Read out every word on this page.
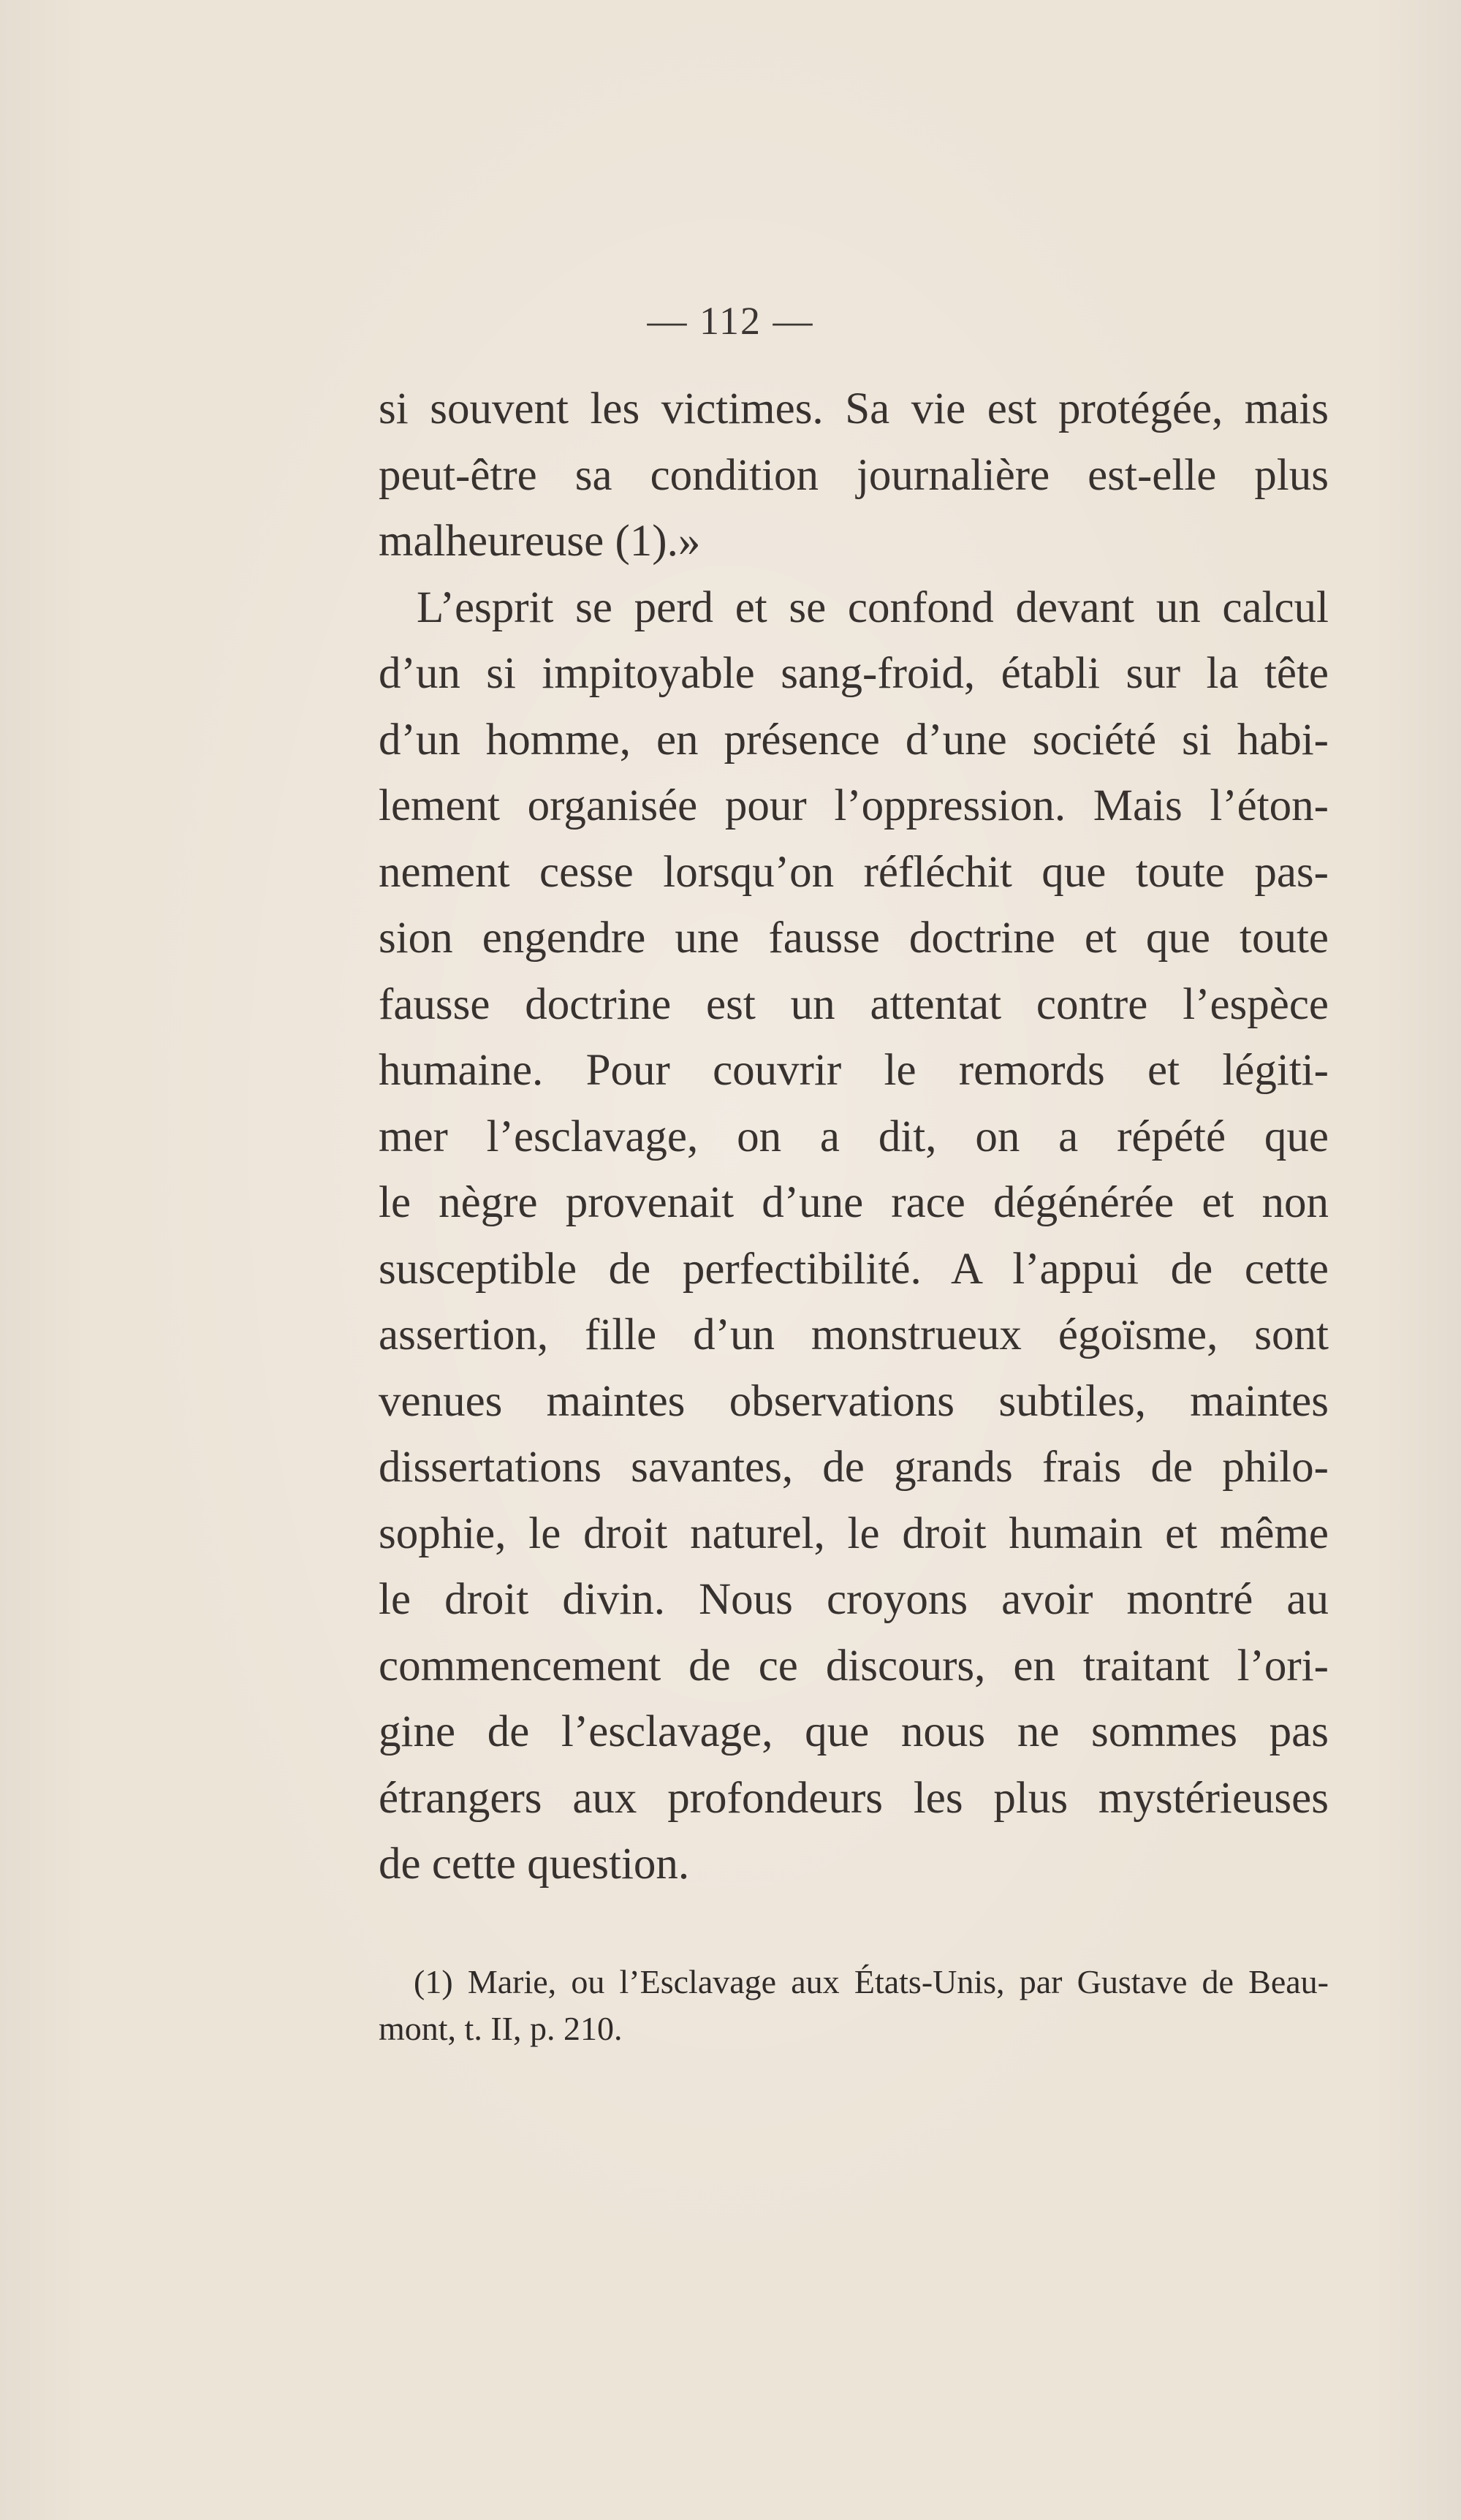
— 112 —
si souvent les victimes. Sa vie est protégée, mais
peut-être sa condition journalière est-elle plus
malheureuse (1).»
L’esprit se perd et se confond devant un calcul
d’un si impitoyable sang-froid, établi sur la tête
d’un homme, en présence d’une société si habi-
lement organisée pour l’oppression. Mais l’éton-
nement cesse lorsqu’on réfléchit que toute pas-
sion engendre une fausse doctrine et que toute
fausse doctrine est un attentat contre l’espèce
humaine. Pour couvrir le remords et légiti-
mer l’esclavage, on a dit, on a répété que
le nègre provenait d’une race dégénérée et non
susceptible de perfectibilité. A l’appui de cette
assertion, fille d’un monstrueux égoïsme, sont
venues maintes observations subtiles, maintes
dissertations savantes, de grands frais de philo-
sophie, le droit naturel, le droit humain et même
le droit divin. Nous croyons avoir montré au
commencement de ce discours, en traitant l’ori-
gine de l’esclavage, que nous ne sommes pas
étrangers aux profondeurs les plus mystérieuses
de cette question.
(1) Marie, ou l’Esclavage aux États-Unis, par Gustave de Beau-
mont, t. II, p. 210.
